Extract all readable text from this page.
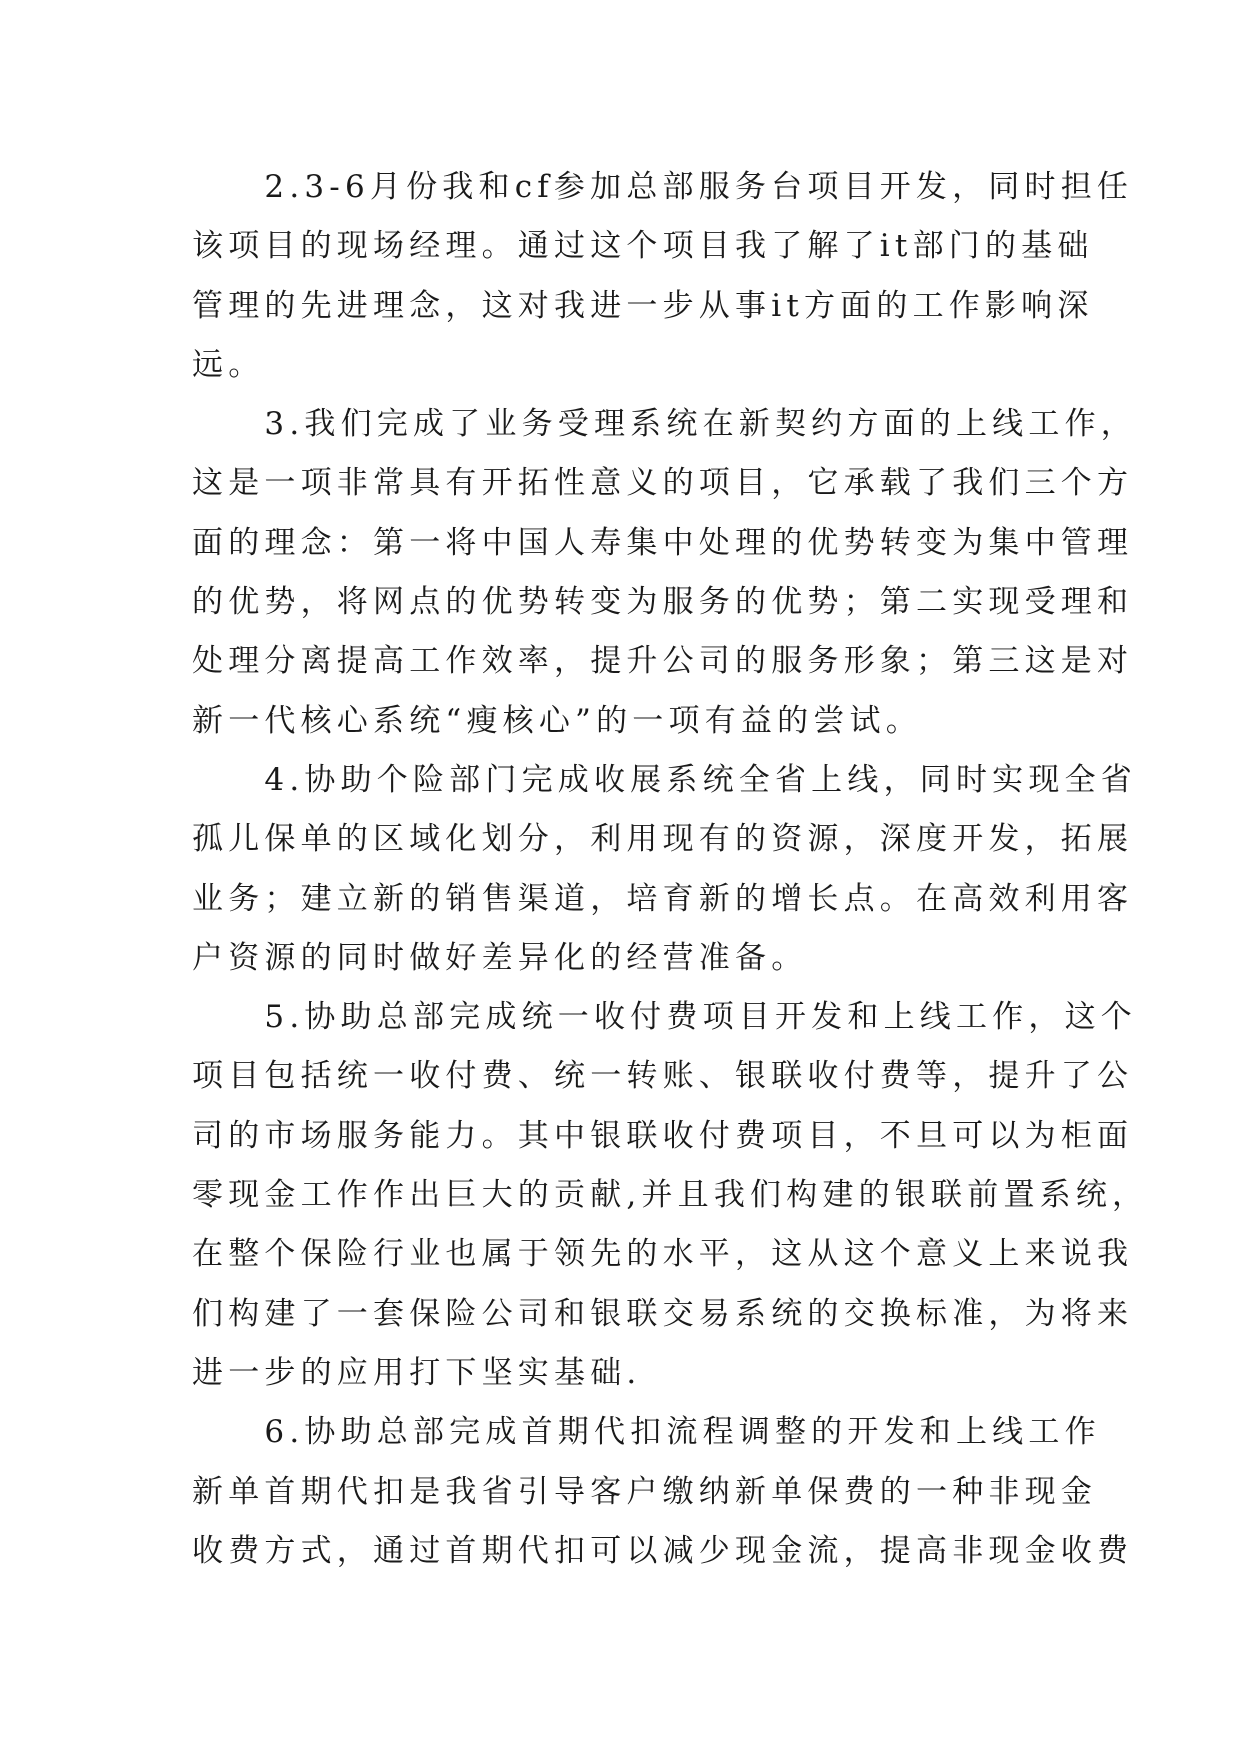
　　2.3-6月份我和cf参加总部服务台项目开发，同时担任
该项目的现场经理。通过这个项目我了解了it部门的基础
管理的先进理念，这对我进一步从事it方面的工作影响深
远。
　　3.我们完成了业务受理系统在新契约方面的上线工作，
这是一项非常具有开拓性意义的项目，它承载了我们三个方
面的理念：第一将中国人寿集中处理的优势转变为集中管理
的优势，将网点的优势转变为服务的优势；第二实现受理和
处理分离提高工作效率，提升公司的服务形象；第三这是对
新一代核心系统“瘦核心”的一项有益的尝试。
　　4.协助个险部门完成收展系统全省上线，同时实现全省
孤儿保单的区域化划分，利用现有的资源，深度开发，拓展
业务；建立新的销售渠道，培育新的增长点。在高效利用客
户资源的同时做好差异化的经营准备。
　　5.协助总部完成统一收付费项目开发和上线工作，这个
项目包括统一收付费、统一转账、银联收付费等，提升了公
司的市场服务能力。其中银联收付费项目，不旦可以为柜面
零现金工作作出巨大的贡献,并且我们构建的银联前置系统，
在整个保险行业也属于领先的水平，这从这个意义上来说我
们构建了一套保险公司和银联交易系统的交换标准，为将来
进一步的应用打下坚实基础.
　　6.协助总部完成首期代扣流程调整的开发和上线工作
新单首期代扣是我省引导客户缴纳新单保费的一种非现金
收费方式，通过首期代扣可以减少现金流，提高非现金收费
